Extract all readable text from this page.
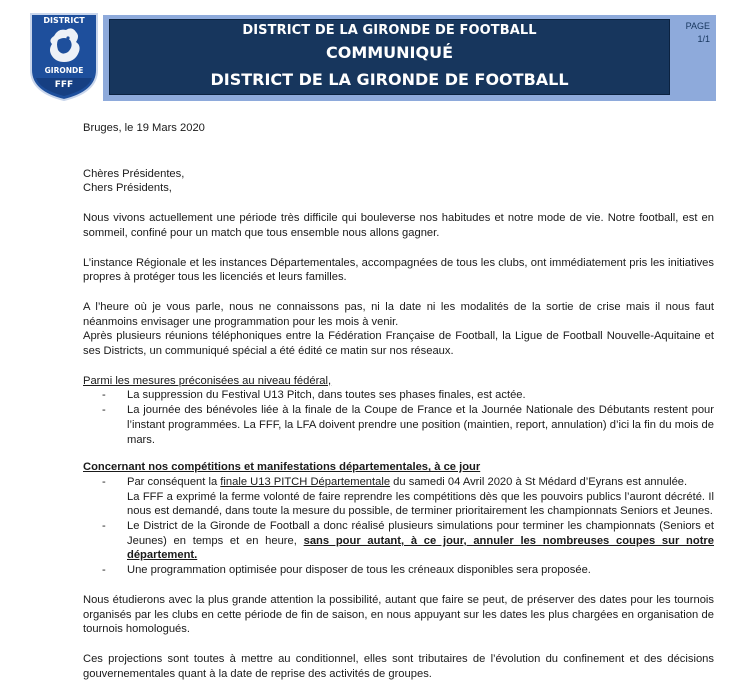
DISTRICT
GIRONDE
FFF
DISTRICT DE LA GIRONDE DE FOOTBALL
COMMUNIQUÉ
DISTRICT DE LA GIRONDE DE FOOTBALL
PAGE
1/1

Bruges, le 19 Mars 2020

Chères Présidentes,

Chers Présidents,

Nous vivons actuellement une période très difficile qui bouleverse nos habitudes et notre mode de vie. Notre football, est en sommeil, confiné pour un match que tous ensemble nous allons gagner.

L’instance Régionale et les instances Départementales, accompagnées de tous les clubs, ont immédiatement pris les initiatives propres à protéger tous les licenciés et leurs familles.

A l’heure où je vous parle, nous ne connaissons pas, ni la date ni les modalités de la sortie de crise mais il nous faut néanmoins envisager une programmation pour les mois à venir.

Après plusieurs réunions téléphoniques entre la Fédération Française de Football, la Ligue de Football Nouvelle-Aquitaine et ses Districts, un communiqué spécial a été édité ce matin sur nos réseaux.

Parmi les mesures préconisées au niveau fédéral,

- La suppression du Festival U13 Pitch, dans toutes ses phases finales, est actée.
- La journée des bénévoles liée à la finale de la Coupe de France et la Journée Nationale des Débutants restent pour l’instant programmées. La FFF, la LFA doivent prendre une position (maintien, report, annulation) d’ici la fin du mois de mars.

Concernant nos compétitions et manifestations départementales, à ce jour

- Par conséquent la finale U13 PITCH Départementale du samedi 04 Avril 2020 à St Médard d’Eyrans est annulée.
La FFF a exprimé la ferme volonté de faire reprendre les compétitions dès que les pouvoirs publics l’auront décrété. Il nous est demandé, dans toute la mesure du possible, de terminer prioritairement les championnats Seniors et Jeunes.
- Le District de la Gironde de Football a donc réalisé plusieurs simulations pour terminer les championnats (Seniors et Jeunes) en temps et en heure, sans pour autant, à ce jour, annuler les nombreuses coupes sur notre département.
- Une programmation optimisée pour disposer de tous les créneaux disponibles sera proposée.

Nous étudierons avec la plus grande attention la possibilité, autant que faire se peut, de préserver des dates pour les tournois organisés par les clubs en cette période de fin de saison, en nous appuyant sur les dates les plus chargées en organisation de tournois homologués.

Ces projections sont toutes à mettre au conditionnel, elles sont tributaires de l’évolution du confinement et des décisions gouvernementales quant à la date de reprise des activités de groupes.
